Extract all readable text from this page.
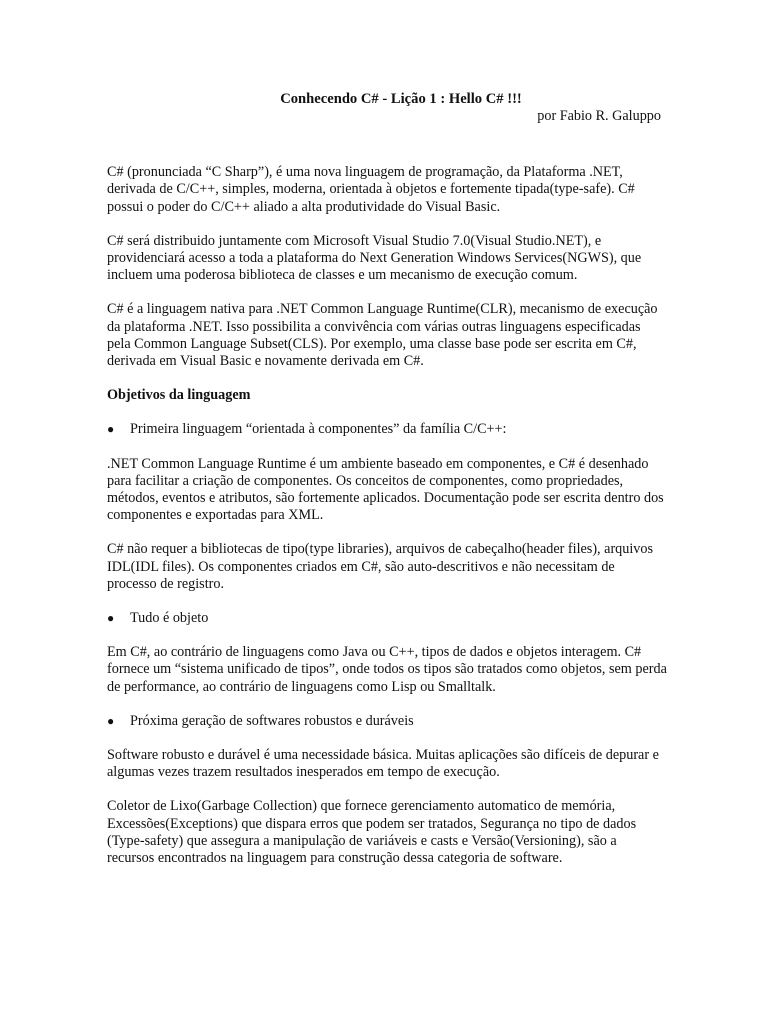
Conhecendo C# - Lição 1 : Hello C# !!!

por Fabio R. Galuppo

C# (pronunciada “C Sharp”), é uma nova linguagem de programação, da Plataforma .NET, derivada de C/C++, simples, moderna, orientada à objetos e fortemente tipada(type-safe). C# possui o poder do C/C++ aliado a alta produtividade do Visual Basic.

C# será distribuido juntamente com Microsoft Visual Studio 7.0(Visual Studio.NET), e providenciará acesso a toda a plataforma do Next Generation Windows Services(NGWS), que incluem uma poderosa biblioteca de classes e um mecanismo de execução comum.

C# é a linguagem nativa para .NET Common Language Runtime(CLR), mecanismo de execução da plataforma .NET. Isso possibilita a convivência com várias outras linguagens especificadas pela Common Language Subset(CLS). Por exemplo, uma classe base pode ser escrita em C#, derivada em Visual Basic e novamente derivada em C#.

Objetivos da linguagem

●	Primeira linguagem “orientada à componentes” da família C/C++:

.NET Common Language Runtime é um ambiente baseado em componentes, e C# é desenhado para facilitar a criação de componentes. Os conceitos de componentes, como propriedades, métodos, eventos e atributos, são fortemente aplicados. Documentação pode ser escrita dentro dos componentes e exportadas para XML.

C# não requer a bibliotecas de tipo(type libraries), arquivos de cabeçalho(header files), arquivos IDL(IDL files). Os componentes criados em C#, são auto-descritivos e não necessitam de processo de registro.

●	Tudo é objeto

Em C#, ao contrário de linguagens como Java ou C++, tipos de dados e objetos interagem. C# fornece um “sistema unificado de tipos”, onde todos os tipos são tratados como objetos, sem perda de performance, ao contrário de linguagens como Lisp ou Smalltalk.

●	Próxima geração de softwares robustos e duráveis

Software robusto e durável é uma necessidade básica. Muitas aplicações são difíceis de depurar e algumas vezes trazem resultados inesperados em tempo de execução.

Coletor de Lixo(Garbage Collection) que fornece gerenciamento automatico de memória, Excessões(Exceptions) que dispara erros que podem ser tratados, Segurança no tipo de dados (Type-safety) que assegura a manipulação de variáveis e casts e Versão(Versioning), são a recursos encontrados na linguagem para construção dessa categoria de software.
